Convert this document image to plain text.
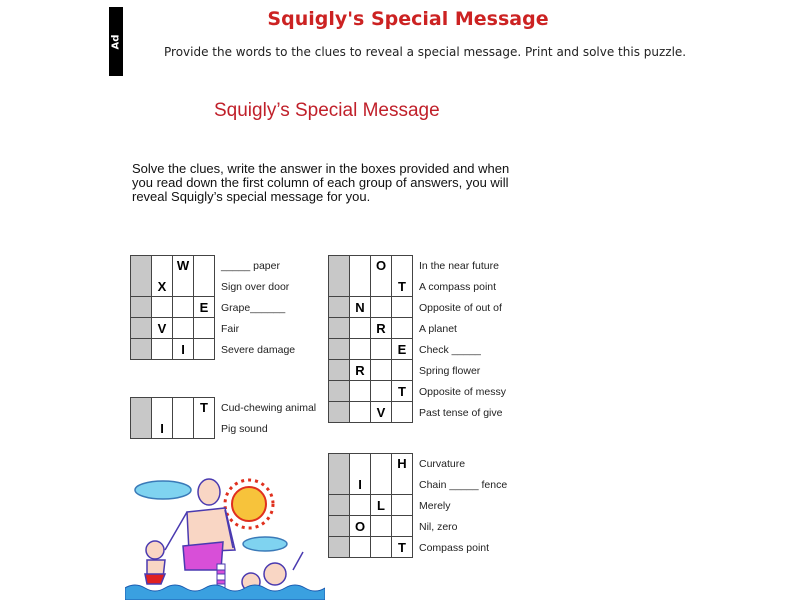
Ad
Squigly's Special Message
Provide the words to the clues to reveal a special message. Print and solve this puzzle.
Squigly’s Special Message
Solve the clues, write the answer in the boxes provided and when you read down the first column of each group of answers, you will reveal Squigly’s special message for you.
W	_____ paper
X	Sign over door
E	Grape______
V	Fair
I	Severe damage
T	Cud-chewing animal
I	Pig sound
O	In the near future
T	A compass point
N	Opposite of out of
R	A planet
E	Check _____
R	Spring flower
T	Opposite of messy
V	Past tense of give
H	Curvature
I	Chain _____ fence
L	Merely
O	Nil, zero
T	Compass point
